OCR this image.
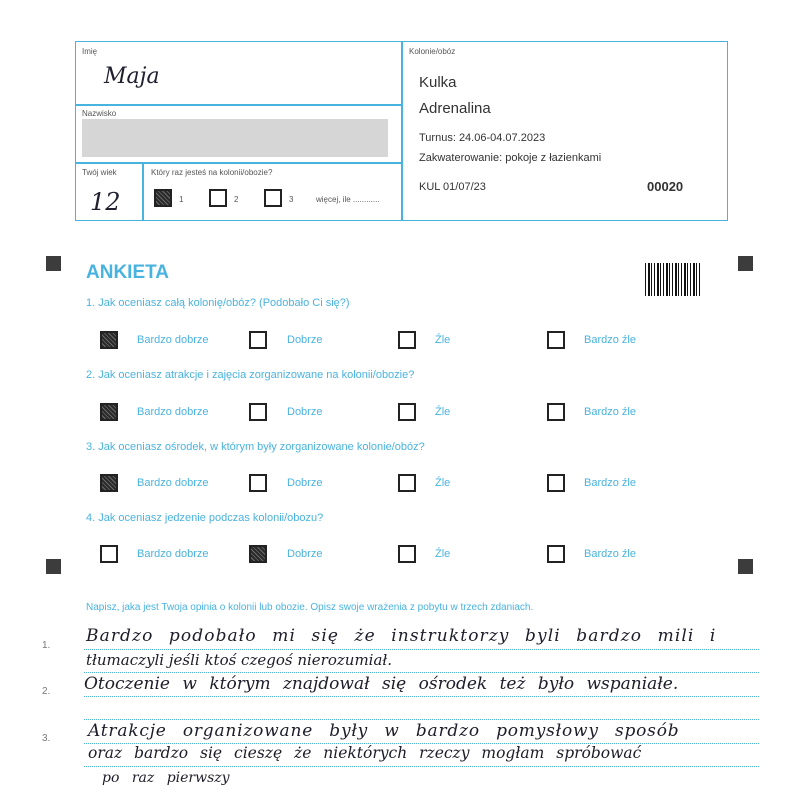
Imię
Maja
Nazwisko
Twój wiek
12
Który raz jesteś na kolonii/obozie?
1	2	3	więcej, ile ............
Kolonie/obóz
Kulka
Adrenalina
Turnus: 24.06-04.07.2023
Zakwaterowanie: pokoje z łazienkami
KUL 01/07/23	00020
ANKIETA
1. Jak oceniasz całą kolonię/obóz? (Podobało Ci się?)
Bardzo dobrze	Dobrze	Źle	Bardzo źle
2. Jak oceniasz atrakcje i zajęcia zorganizowane na kolonii/obozie?
Bardzo dobrze	Dobrze	Źle	Bardzo źle
3. Jak oceniasz ośrodek, w którym były zorganizowane kolonie/obóz?
Bardzo dobrze	Dobrze	Źle	Bardzo źle
4. Jak oceniasz jedzenie podczas kolonii/obozu?
Bardzo dobrze	Dobrze	Źle	Bardzo źle
Napisz, jaka jest Twoja opinia o kolonii lub obozie. Opisz swoje wrażenia z pobytu w trzech zdaniach.
1.
2.
3.
Bardzo podobało mi się że instruktorzy byli bardzo mili i
tłumaczyli jeśli ktoś czegoś nierozumiał.
Otoczenie w którym znajdował się ośrodek też było wspaniałe.
Atrakcje organizowane były w bardzo pomysłowy sposób
oraz bardzo się cieszę że niektórych rzeczy mogłam spróbować
po raz pierwszy
